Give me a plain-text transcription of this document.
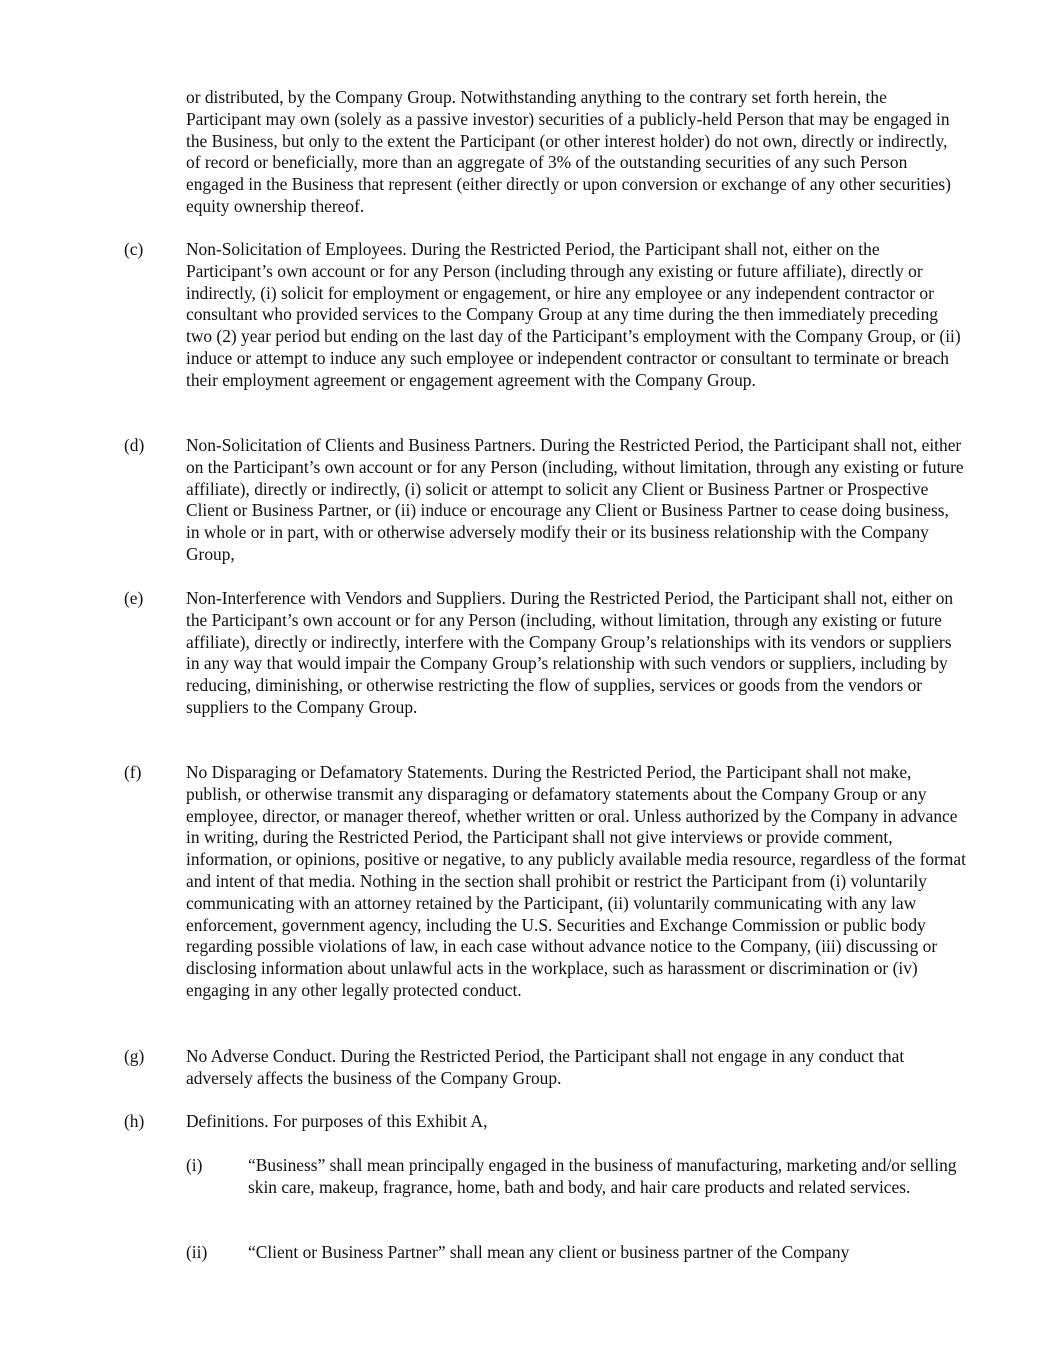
or distributed, by the Company Group. Notwithstanding anything to the contrary set forth herein, the Participant may own (solely as a passive investor) securities of a publicly-held Person that may be engaged in the Business, but only to the extent the Participant (or other interest holder) do not own, directly or indirectly, of record or beneficially, more than an aggregate of 3% of the outstanding securities of any such Person engaged in the Business that represent (either directly or upon conversion or exchange of any other securities) equity ownership thereof.

(c) Non-Solicitation of Employees. During the Restricted Period, the Participant shall not, either on the Participant’s own account or for any Person (including through any existing or future affiliate), directly or indirectly, (i) solicit for employment or engagement, or hire any employee or any independent contractor or consultant who provided services to the Company Group at any time during the then immediately preceding two (2) year period but ending on the last day of the Participant’s employment with the Company Group, or (ii) induce or attempt to induce any such employee or independent contractor or consultant to terminate or breach their employment agreement or engagement agreement with the Company Group.

(d) Non-Solicitation of Clients and Business Partners. During the Restricted Period, the Participant shall not, either on the Participant’s own account or for any Person (including, without limitation, through any existing or future affiliate), directly or indirectly, (i) solicit or attempt to solicit any Client or Business Partner or Prospective Client or Business Partner, or (ii) induce or encourage any Client or Business Partner to cease doing business, in whole or in part, with or otherwise adversely modify their or its business relationship with the Company Group,

(e) Non-Interference with Vendors and Suppliers. During the Restricted Period, the Participant shall not, either on the Participant’s own account or for any Person (including, without limitation, through any existing or future affiliate), directly or indirectly, interfere with the Company Group’s relationships with its vendors or suppliers in any way that would impair the Company Group’s relationship with such vendors or suppliers, including by reducing, diminishing, or otherwise restricting the flow of supplies, services or goods from the vendors or suppliers to the Company Group.

(f)	No Disparaging or Defamatory Statements. During the Restricted Period, the Participant shall not make, publish, or otherwise transmit any disparaging or defamatory statements about the Company Group or any employee, director, or manager thereof, whether written or oral. Unless authorized by the Company in advance in writing, during the Restricted Period, the Participant shall not give interviews or provide comment, information, or opinions, positive or negative, to any publicly available media resource, regardless of the format and intent of that media. Nothing in the section shall prohibit or restrict the Participant from (i) voluntarily communicating with an attorney retained by the Participant, (ii) voluntarily communicating with any law enforcement, government agency, including the U.S. Securities and Exchange Commission or public body regarding possible violations of law, in each case without advance notice to the Company, (iii) discussing or disclosing information about unlawful acts in the workplace, such as harassment or discrimination or (iv) engaging in any other legally protected conduct.

(g) No Adverse Conduct. During the Restricted Period, the Participant shall not engage in any conduct that adversely affects the business of the Company Group.

(h) Definitions. For purposes of this Exhibit A,

(i)	“Business” shall mean principally engaged in the business of manufacturing, marketing and/or selling skin care, makeup, fragrance, home, bath and body, and hair care products and related services.

(ii) “Client or Business Partner” shall mean any client or business partner of the Company
